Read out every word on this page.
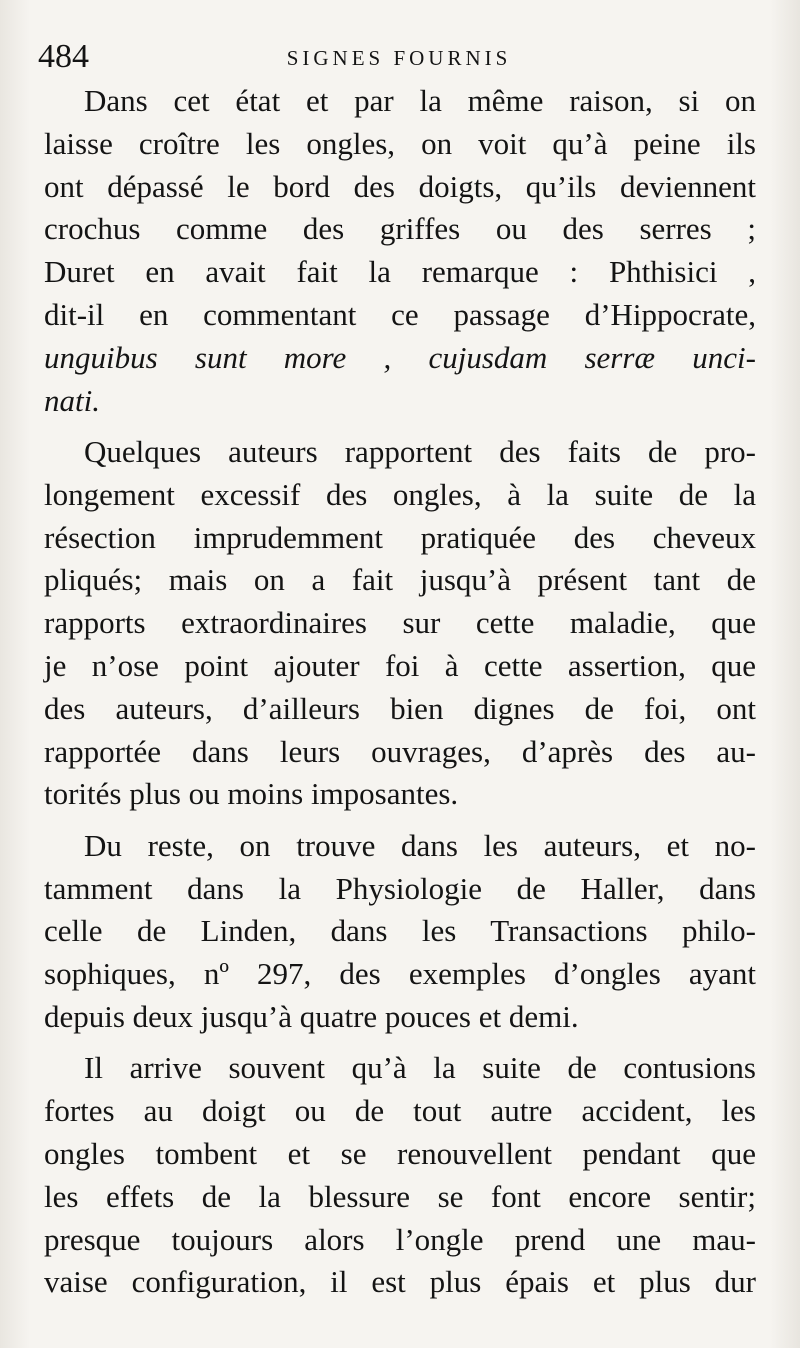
484	SIGNES FOURNIS
Dans cet état et par la même raison, si on
laisse croître les ongles, on voit qu’à peine ils
ont dépassé le bord des doigts, qu’ils deviennent
crochus comme des griffes ou des serres ;
Duret en avait fait la remarque : Phthisici ,
dit-il en commentant ce passage d’Hippocrate,
unguibus sunt more , cujusdam serræ unci-
nati.
Quelques auteurs rapportent des faits de pro-
longement excessif des ongles, à la suite de la
résection imprudemment pratiquée des cheveux
pliqués; mais on a fait jusqu’à présent tant de
rapports extraordinaires sur cette maladie, que
je n’ose point ajouter foi à cette assertion, que
des auteurs, d’ailleurs bien dignes de foi, ont
rapportée dans leurs ouvrages, d’après des au-
torités plus ou moins imposantes.
Du reste, on trouve dans les auteurs, et no-
tamment dans la Physiologie de Haller, dans
celle de Linden, dans les Transactions philo-
sophiques, nº 297, des exemples d’ongles ayant
depuis deux jusqu’à quatre pouces et demi.
Il arrive souvent qu’à la suite de contusions
fortes au doigt ou de tout autre accident, les
ongles tombent et se renouvellent pendant que
les effets de la blessure se font encore sentir;
presque toujours alors l’ongle prend une mau-
vaise configuration, il est plus épais et plus dur
